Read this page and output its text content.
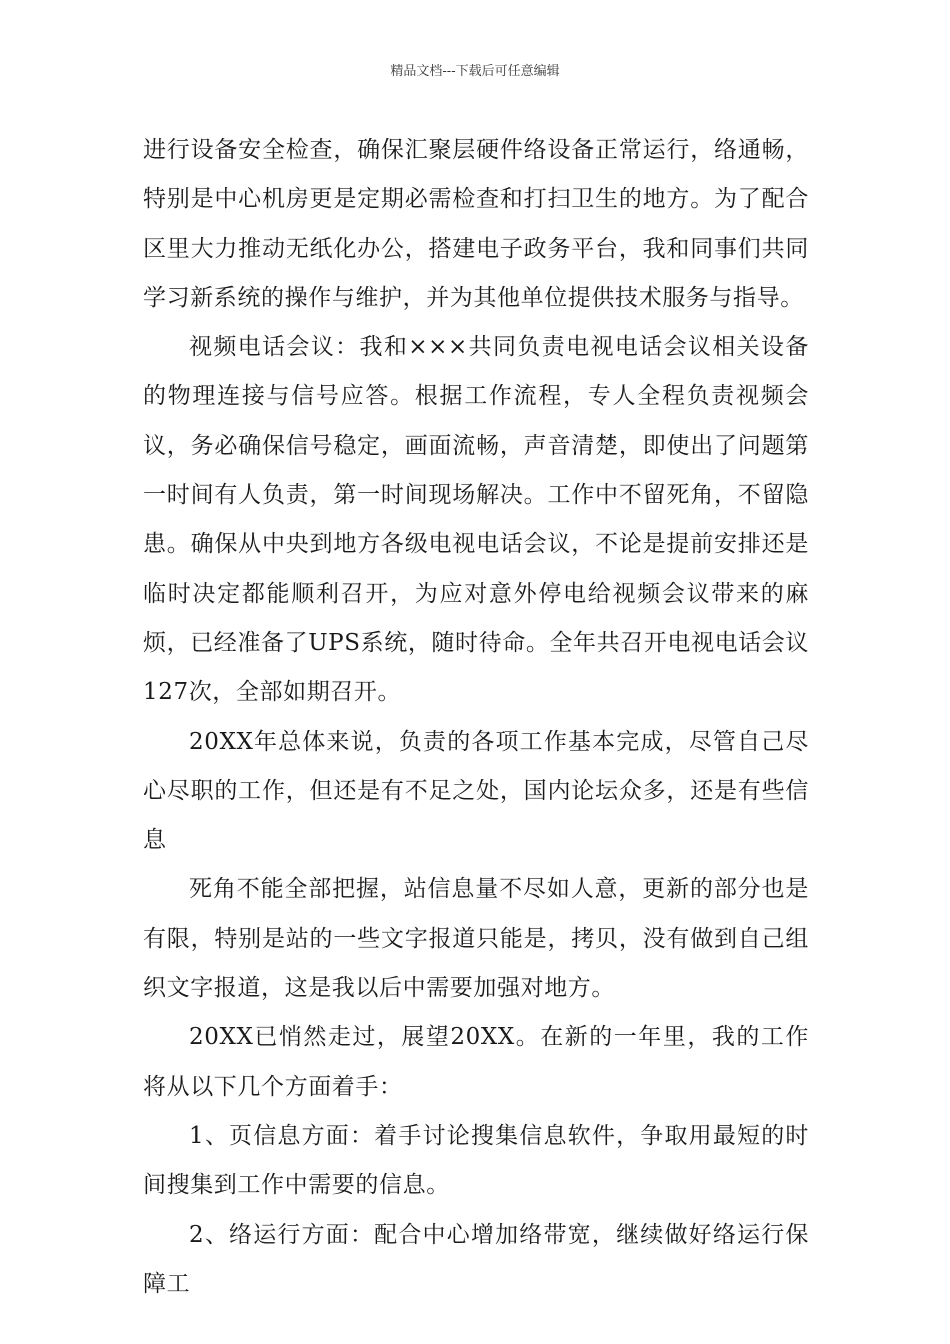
精品文档---下载后可任意编辑

进行设备安全检查，确保汇聚层硬件络设备正常运行，络通畅，特别是中心机房更是定期必需检查和打扫卫生的地方。为了配合区里大力推动无纸化办公，搭建电子政务平台，我和同事们共同学习新系统的操作与维护，并为其他单位提供技术服务与指导。

视频电话会议：我和×××共同负责电视电话会议相关设备的物理连接与信号应答。根据工作流程，专人全程负责视频会议，务必确保信号稳定，画面流畅，声音清楚，即使出了问题第一时间有人负责，第一时间现场解决。工作中不留死角，不留隐患。确保从中央到地方各级电视电话会议，不论是提前安排还是临时决定都能顺利召开，为应对意外停电给视频会议带来的麻烦，已经准备了UPS系统，随时待命。全年共召开电视电话会议127次，全部如期召开。

20XX年总体来说，负责的各项工作基本完成，尽管自己尽心尽职的工作，但还是有不足之处，国内论坛众多，还是有些信息

死角不能全部把握，站信息量不尽如人意，更新的部分也是有限，特别是站的一些文字报道只能是，拷贝，没有做到自己组织文字报道，这是我以后中需要加强对地方。

20XX已悄然走过，展望20XX。在新的一年里，我的工作将从以下几个方面着手：

1、页信息方面：着手讨论搜集信息软件，争取用最短的时间搜集到工作中需要的信息。

2、络运行方面：配合中心增加络带宽，继续做好络运行保障工
